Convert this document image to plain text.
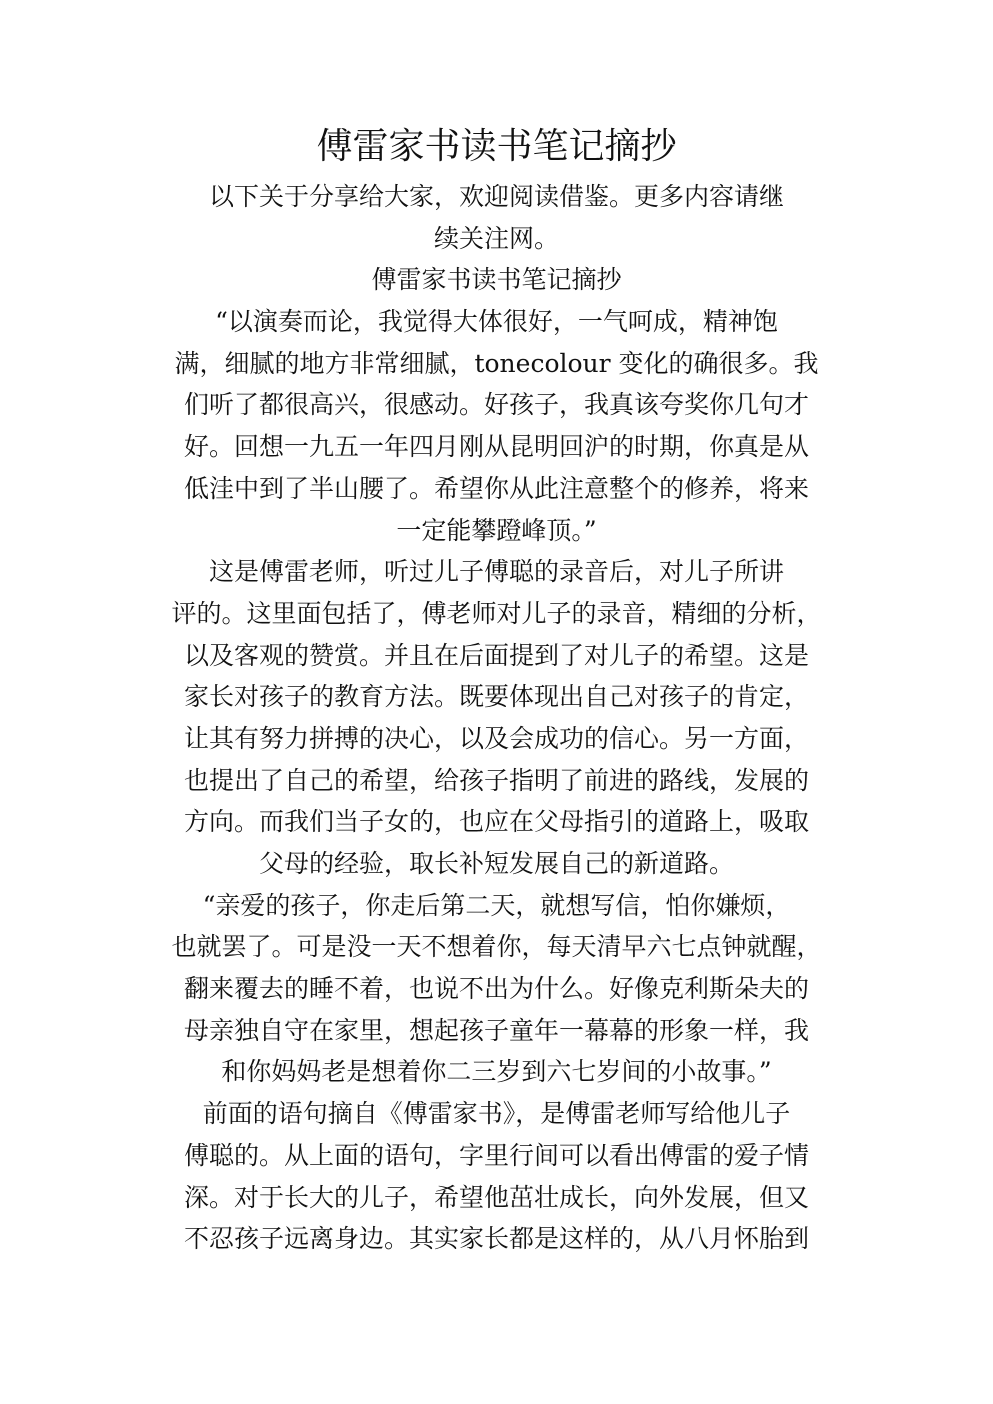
傅雷家书读书笔记摘抄
以下关于分享给大家，欢迎阅读借鉴。更多内容请继
续关注网。
傅雷家书读书笔记摘抄
“以演奏而论，我觉得大体很好，一气呵成，精神饱
满，细腻的地方非常细腻，tonecolour 变化的确很多。我
们听了都很高兴，很感动。好孩子，我真该夸奖你几句才
好。回想一九五一年四月刚从昆明回沪的时期，你真是从
低洼中到了半山腰了。希望你从此注意整个的修养，将来
一定能攀蹬峰顶。”
这是傅雷老师，听过儿子傅聪的录音后，对儿子所讲
评的。这里面包括了，傅老师对儿子的录音，精细的分析，
以及客观的赞赏。并且在后面提到了对儿子的希望。这是
家长对孩子的教育方法。既要体现出自己对孩子的肯定，
让其有努力拼搏的决心，以及会成功的信心。另一方面，
也提出了自己的希望，给孩子指明了前进的路线，发展的
方向。而我们当子女的，也应在父母指引的道路上，吸取
父母的经验，取长补短发展自己的新道路。
“亲爱的孩子，你走后第二天，就想写信，怕你嫌烦，
也就罢了。可是没一天不想着你，每天清早六七点钟就醒，
翻来覆去的睡不着，也说不出为什么。好像克利斯朵夫的
母亲独自守在家里，想起孩子童年一幕幕的形象一样，我
和你妈妈老是想着你二三岁到六七岁间的小故事。”
前面的语句摘自《傅雷家书》，是傅雷老师写给他儿子
傅聪的。从上面的语句，字里行间可以看出傅雷的爱子情
深。对于长大的儿子，希望他茁壮成长，向外发展，但又
不忍孩子远离身边。其实家长都是这样的，从八月怀胎到
